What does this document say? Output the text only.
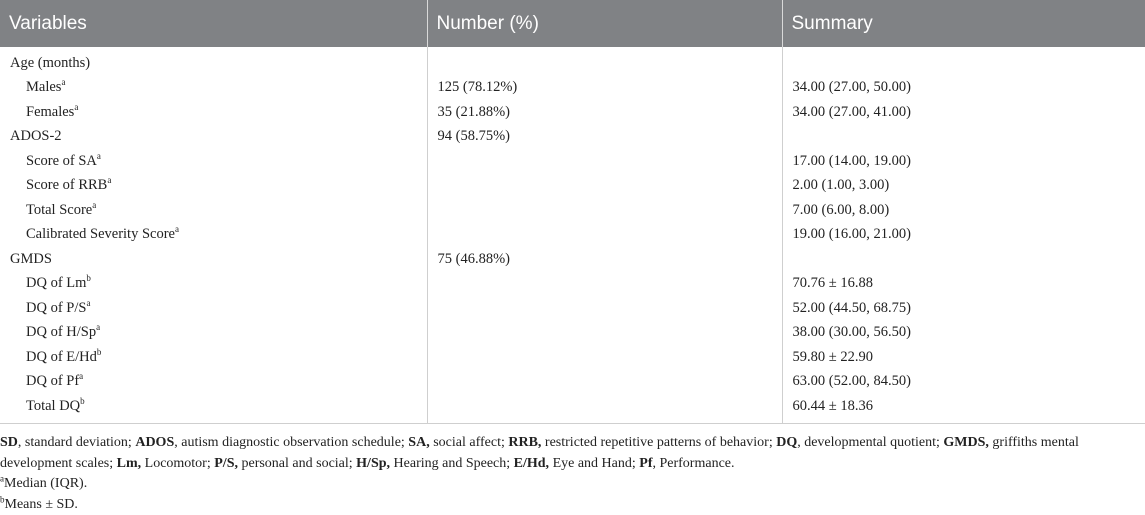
Variables	Number (%)	Summary
Age (months)		
Males$^a$	125 (78.12%)	34.00 (27.00, 50.00)
Females$^a$	35 (21.88%)	34.00 (27.00, 41.00)
ADOS-2	94 (58.75%)	
Score of $SA^a$		17.00 (14.00, 19.00)
Score of RRB$^a$		2.00 (1.00, 3.00)
Total Score$^a$		7.00 (6.00, 8.00)
Calibrated Severity Score$^a$		19.00 (16.00, 21.00)
GMDS	75 (46.88%)	
DQ of Lm$^b$		70.76 ± 16.88
DQ of $P/S^a$		52.00 (44.50, 68.75)
DQ of H/Sp$^a$		38.00 (30.00, 56.50)
DQ of E/Hd$^b$		59.80 ± 22.90
DQ of Pf$^a$		63.00 (52.00, 84.50)
Total $DQ^b$		60.44 ± 18.36

SD, standard deviation; ADOS, autism diagnostic observation schedule; SA, social affect; RRB, restricted repetitive patterns of behavior; DQ, developmental quotient; GMDS, griffiths mental development scales; Lm, Locomotor; P/S, personal and social; H/Sp, Hearing and Speech; E/Hd, Eye and Hand; Pf, Performance.

$^a$Median (IQR).

$^b$Means ± SD.
